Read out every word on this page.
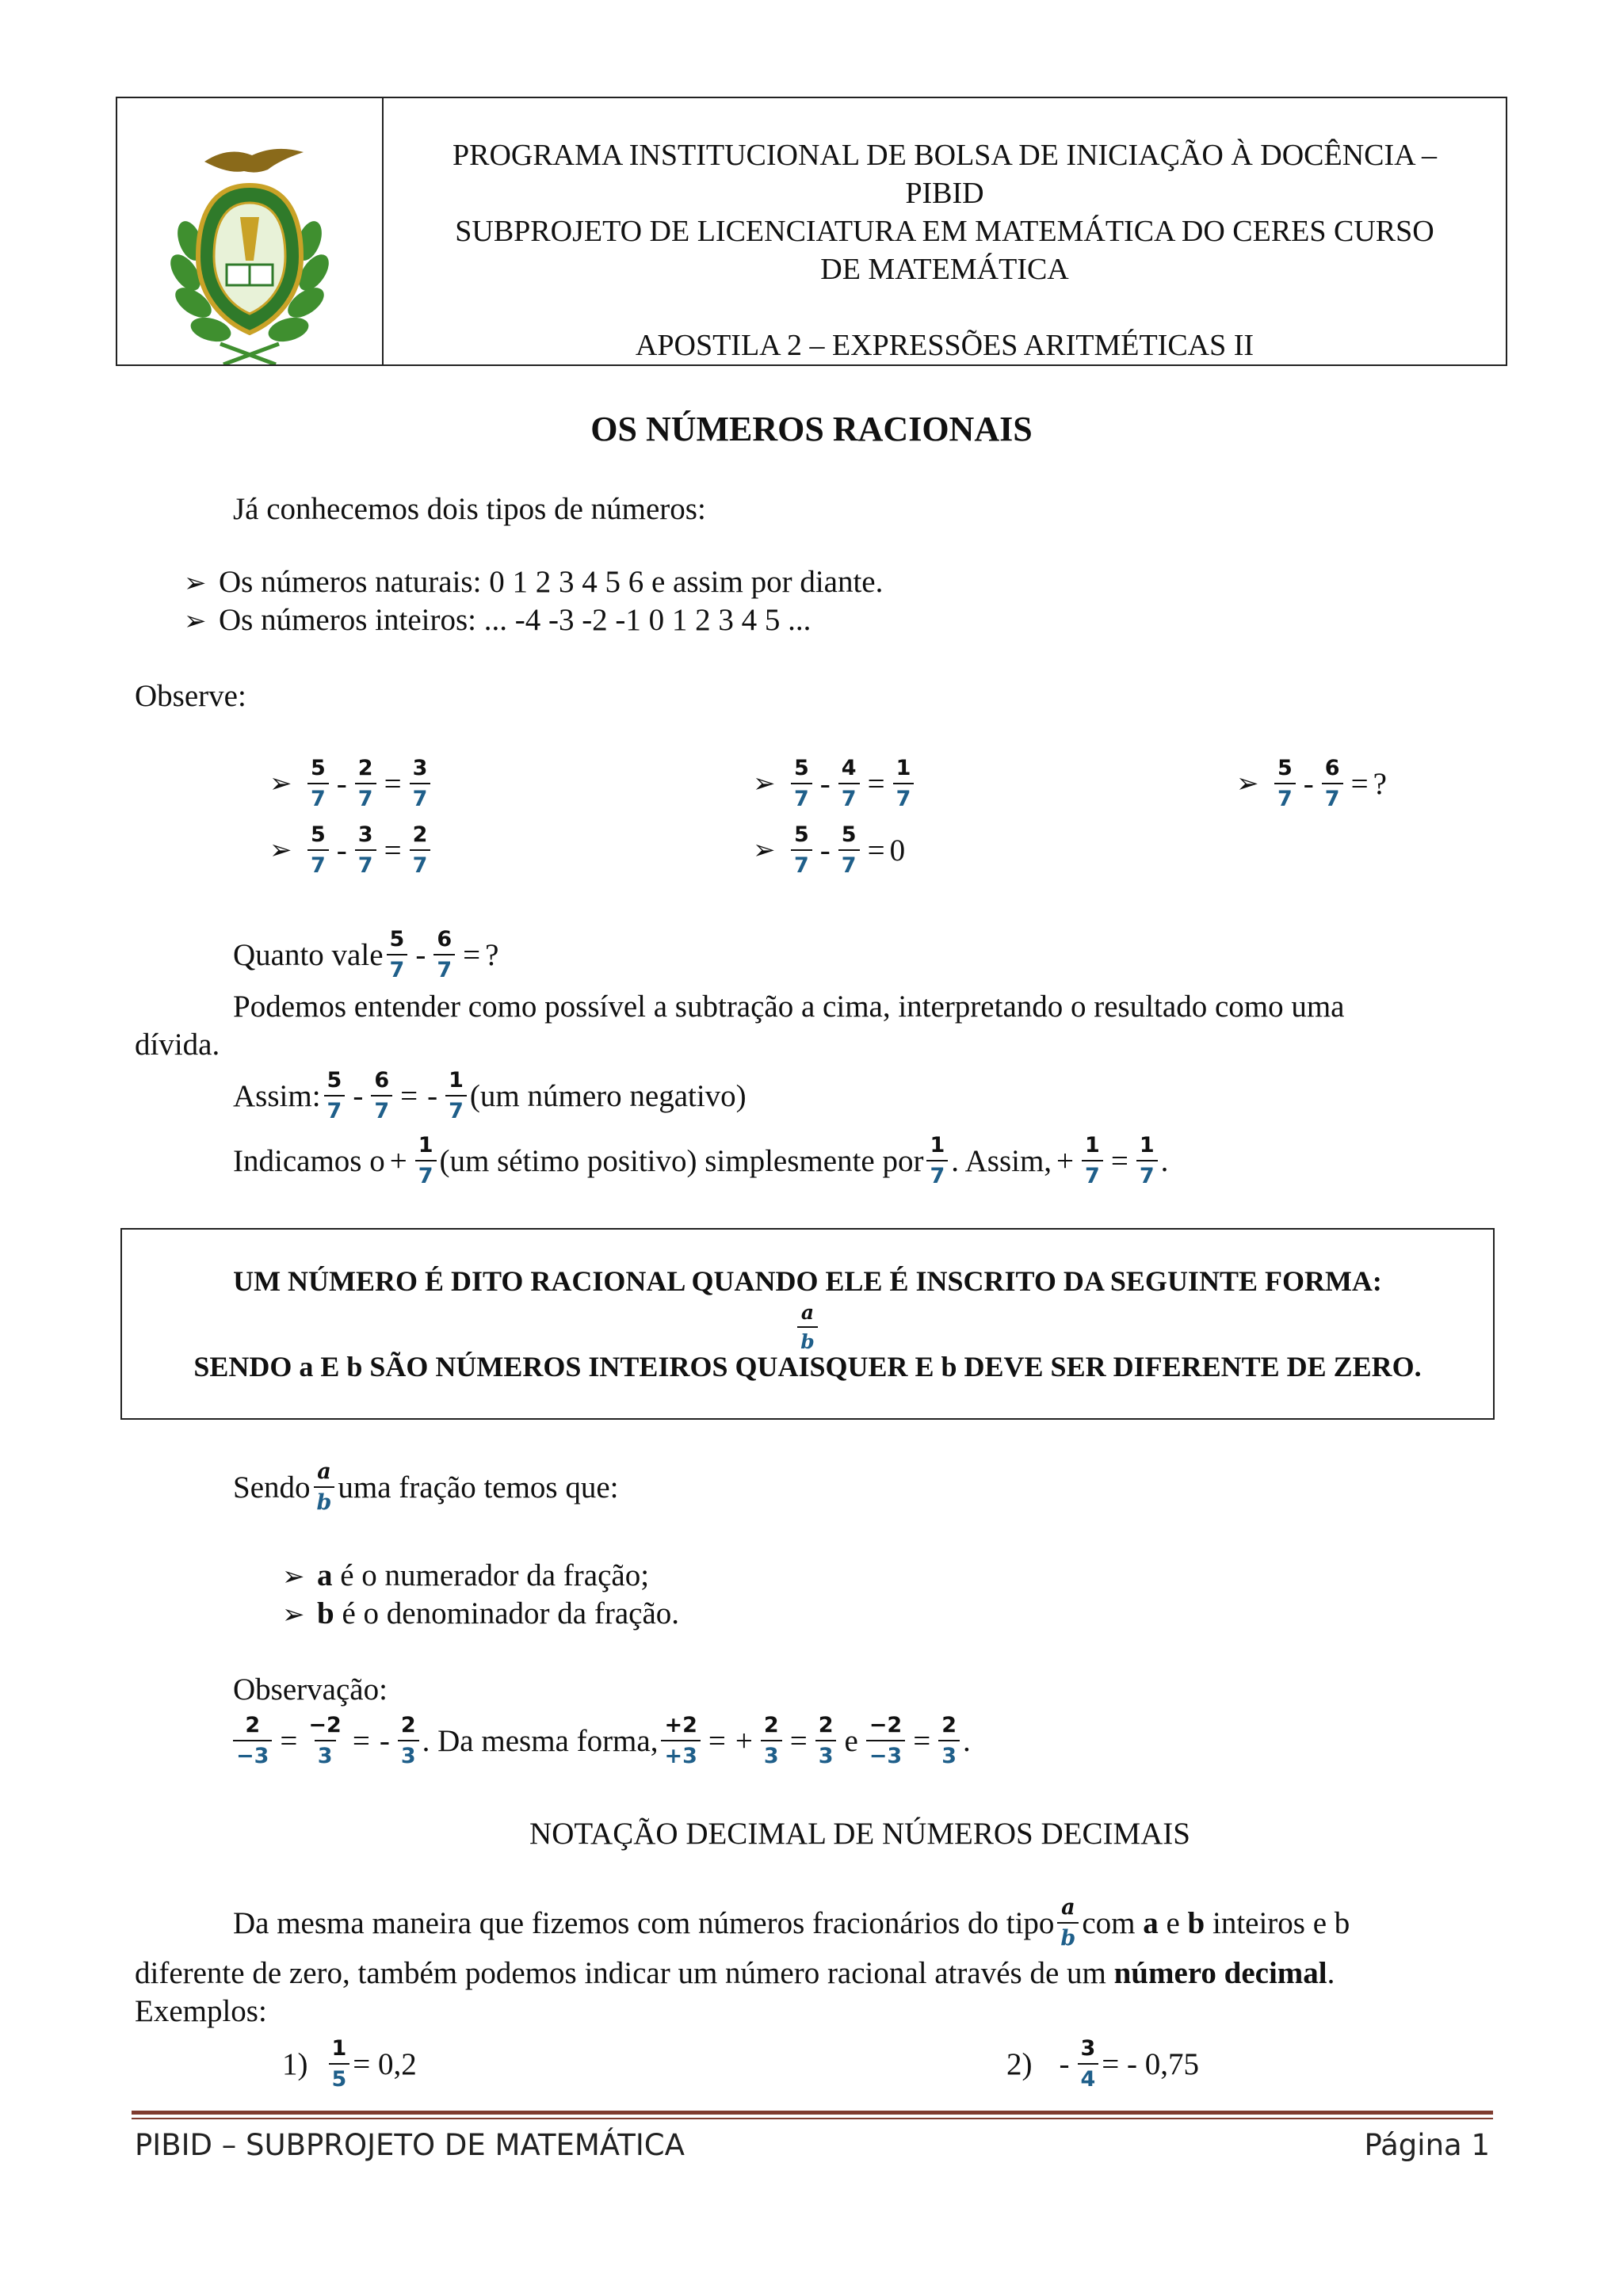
PROGRAMA INSTITUCIONAL DE BOLSA DE INICIAÇÃO À DOCÊNCIA –
PIBID
SUBPROJETO DE LICENCIATURA EM MATEMÁTICA DO CERES CURSO
DE MATEMÁTICA
APOSTILA 2 – EXPRESSÕES ARITMÉTICAS II
OS NÚMEROS RACIONAIS
Já conhecemos dois tipos de números:
➢ Os números naturais: 0 1 2 3 4 5 6 e assim por diante.
➢ Os números inteiros: ... -4 -3 -2 -1 0 1 2 3 4 5 ...
Observe:
➢ $\frac{5}{7} - \frac{2}{7} = \frac{3}{7}$
➢ $\frac{5}{7} - \frac{3}{7} = \frac{2}{7}$
➢ $\frac{5}{7} - \frac{4}{7} = \frac{1}{7}$
➢ $\frac{5}{7} - \frac{5}{7} = 0$
➢ $\frac{5}{7} - \frac{6}{7}$ = ?
Quanto vale $\frac{5}{7} - \frac{6}{7}$ = ?
Podemos entender como possível a subtração a cima, interpretando o resultado como uma
dívida.
Assim: $\frac{5}{7} - \frac{6}{7}$ = - $\frac{1}{7} (um$ número negativo)
Indicamos $o + \frac{1}{7} (um$ sétimo positivo) simplesmente por $\frac{1}{7}$ . Assim, + $\frac{1}{7} = \frac{1}{7}$ .
UM NÚMERO É DITO RACIONAL QUANDO ELE É INSCRITO DA SEGUINTE FORMA:
$\frac{a}{b}$
SENDO a E b SÃO NÚMEROS INTEIROS QUAISQUER E b DEVE SER DIFERENTE DE ZERO.
Sendo $\frac{a}{b}$ uma fração temos que:
➢ a é o numerador da fração;
➢ b é o denominador da fração.
Observação:
$\frac{2}{-3} = \frac{-2}{3}$ = - $\frac{2}{3}$ . Da mesma forma, $\frac{+2}{+3}$ = + $\frac{2}{3} = \frac{2}{3}$ e $\frac{-2}{-3} = \frac{2}{3}$ .
NOTAÇÃO DECIMAL DE NÚMEROS DECIMAIS
Da mesma maneira que fizemos com números fracionários do tipo $\frac{a}{b}$ com
a
e
b
inteiros e b
diferente de zero, também podemos indicar um número racional através de um número decimal.
Exemplos:
$1) \frac{1}{5} = 0,2$	$2) - \frac{3}{4}$ = - 0,75
PIBID – SUBPROJETO DE MATEMÁTICA	Página 1
